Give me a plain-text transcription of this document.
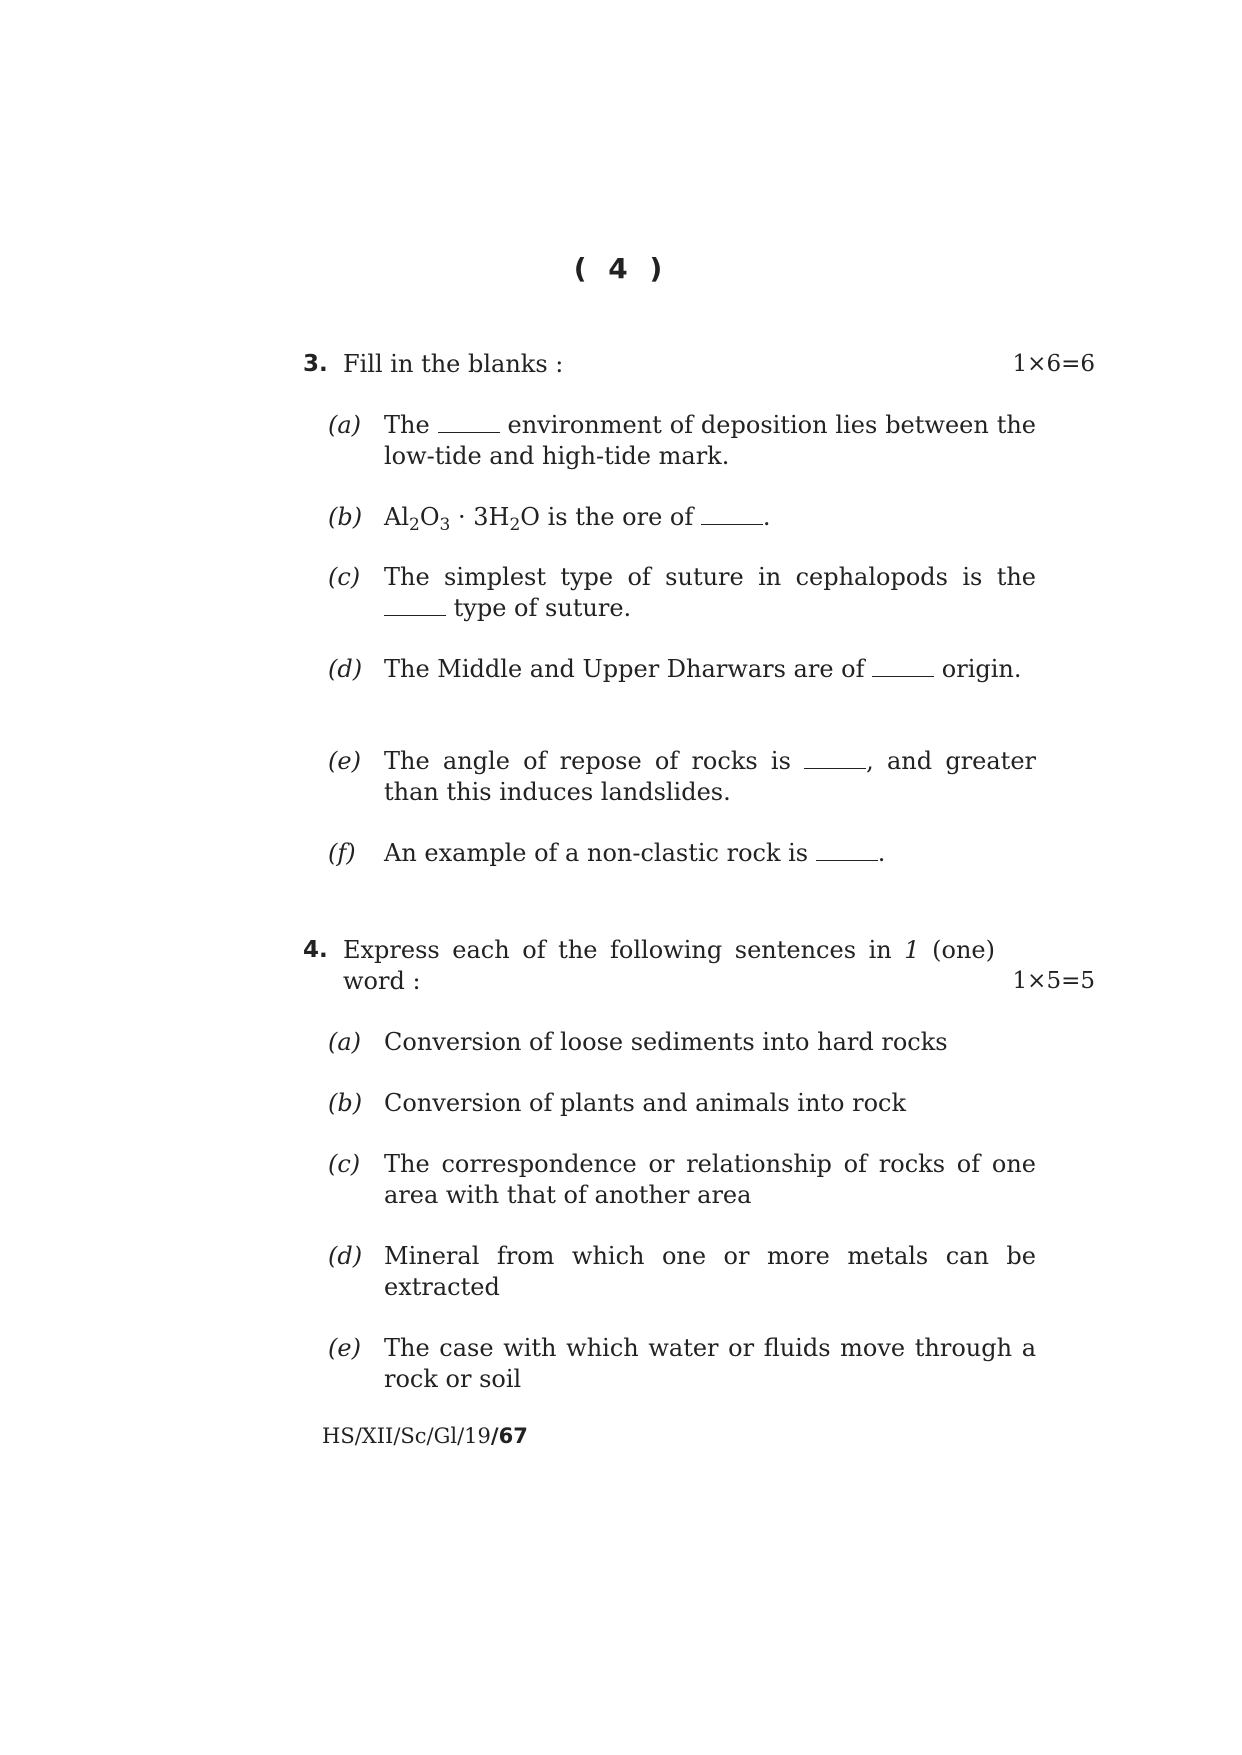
( 4 )
3. Fill in the blanks :	1×6=6
(a) The	environment of deposition lies between the low-tide and high-tide mark.
(b) $Al_2O_3 \cdot 3H_2O$ is the ore of	.
(c) The simplest type of suture in cephalopods is the  type of suture.
(d) The Middle and Upper Dharwars are of	origin.
(e) The angle of repose of rocks is	, and greater than this induces landslides.
(f) An example of a non-clastic rock is	.
4. Express each of the following sentences in 1 (one) word :	1×5=5
(a) Conversion of loose sediments into hard rocks
(b) Conversion of plants and animals into rock
(c) The correspondence or relationship of rocks of one area with that of another area
(d) Mineral from which one or more metals can be extracted
(e) The case with which water or fluids move through a rock or soil
HS/XII/Sc/Gl/19/67
